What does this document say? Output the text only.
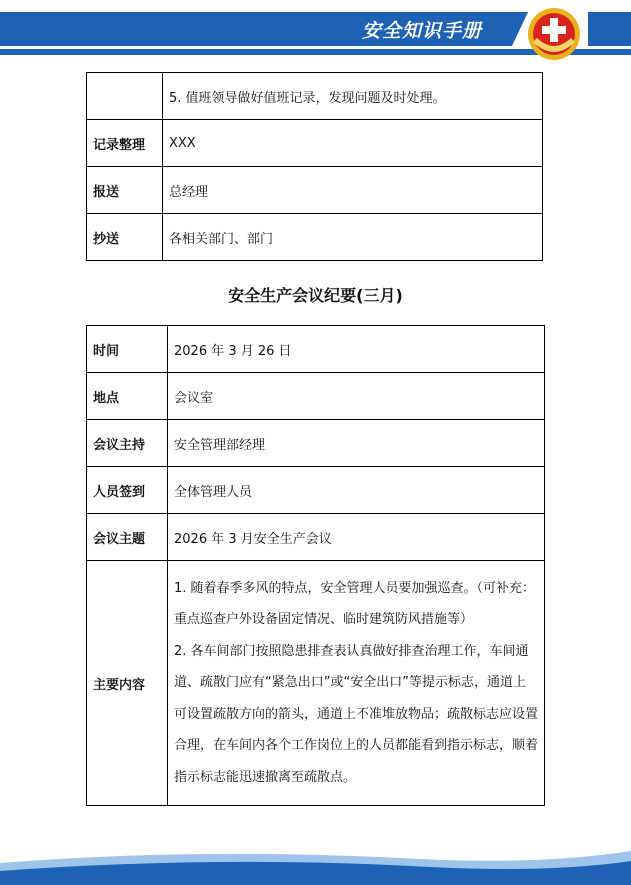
安全知识手册
	5. 值班领导做好值班记录，发现问题及时处理。
记录整理	XXX
报送	总经理
抄送	各相关部门、部门
安全生产会议纪要(三月)
时间	2026 年 3 月 26 日
地点	会议室
会议主持	安全管理部经理
人员签到	全体管理人员
会议主题	2026 年 3 月安全生产会议
主要内容	1. 随着春季多风的特点，安全管理人员要加强巡查。（可补充：重点巡查户外设备固定情况、临时建筑防风措施等）

2. 各车间部门按照隐患排查表认真做好排查治理工作，车间通道、疏散门应有“紧急出口”或“安全出口”等提示标志，通道上可设置疏散方向的箭头，通道上不准堆放物品；疏散标志应设置合理，在车间内各个工作岗位上的人员都能看到指示标志，顺着指示标志能迅速撤离至疏散点。
